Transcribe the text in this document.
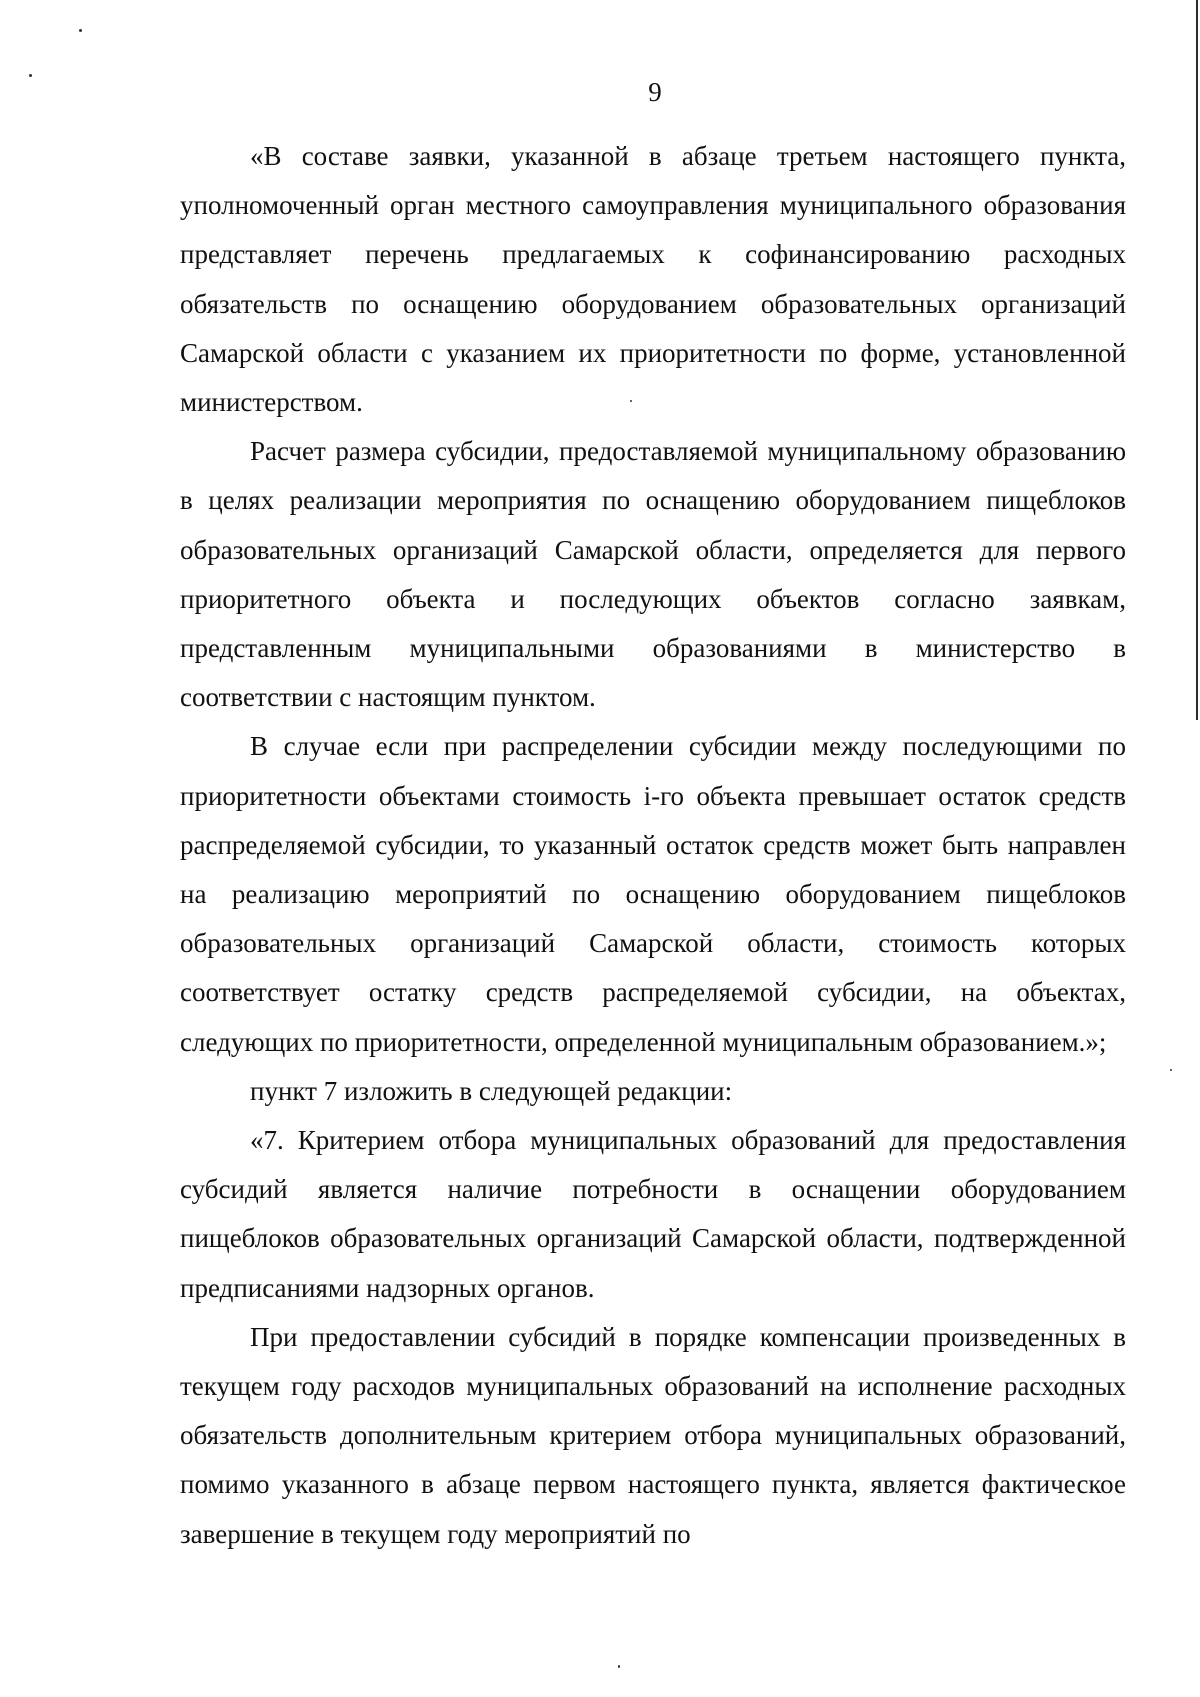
9

«В составе заявки, указанной в абзаце третьем настоящего пункта, уполномоченный орган местного самоуправления муниципального образования представляет перечень предлагаемых к софинансированию расходных обязательств по оснащению оборудованием образовательных организаций Самарской области с указанием их приоритетности по форме, установленной министерством.

Расчет размера субсидии, предоставляемой муниципальному образованию в целях реализации мероприятия по оснащению оборудованием пищеблоков образовательных организаций Самарской области, определяется для первого приоритетного объекта и последующих объектов согласно заявкам, представленным муниципальными образованиями в министерство в соответствии с настоящим пунктом.

В случае если при распределении субсидии между последующими по приоритетности объектами стоимость i-го объекта превышает остаток средств распределяемой субсидии, то указанный остаток средств может быть направлен на реализацию мероприятий по оснащению оборудованием пищеблоков образовательных организаций Самарской области, стоимость которых соответствует остатку средств распределяемой субсидии, на объектах, следующих по приоритетности, определенной муниципальным образованием.»;

пункт 7 изложить в следующей редакции:

«7. Критерием отбора муниципальных образований для предоставления субсидий является наличие потребности в оснащении оборудованием пищеблоков образовательных организаций Самарской области, подтвержденной предписаниями надзорных органов.

При предоставлении субсидий в порядке компенсации произведенных в текущем году расходов муниципальных образований на исполнение расходных обязательств дополнительным критерием отбора муниципальных образований, помимо указанного в абзаце первом настоящего пункта, является фактическое завершение в текущем году мероприятий по
